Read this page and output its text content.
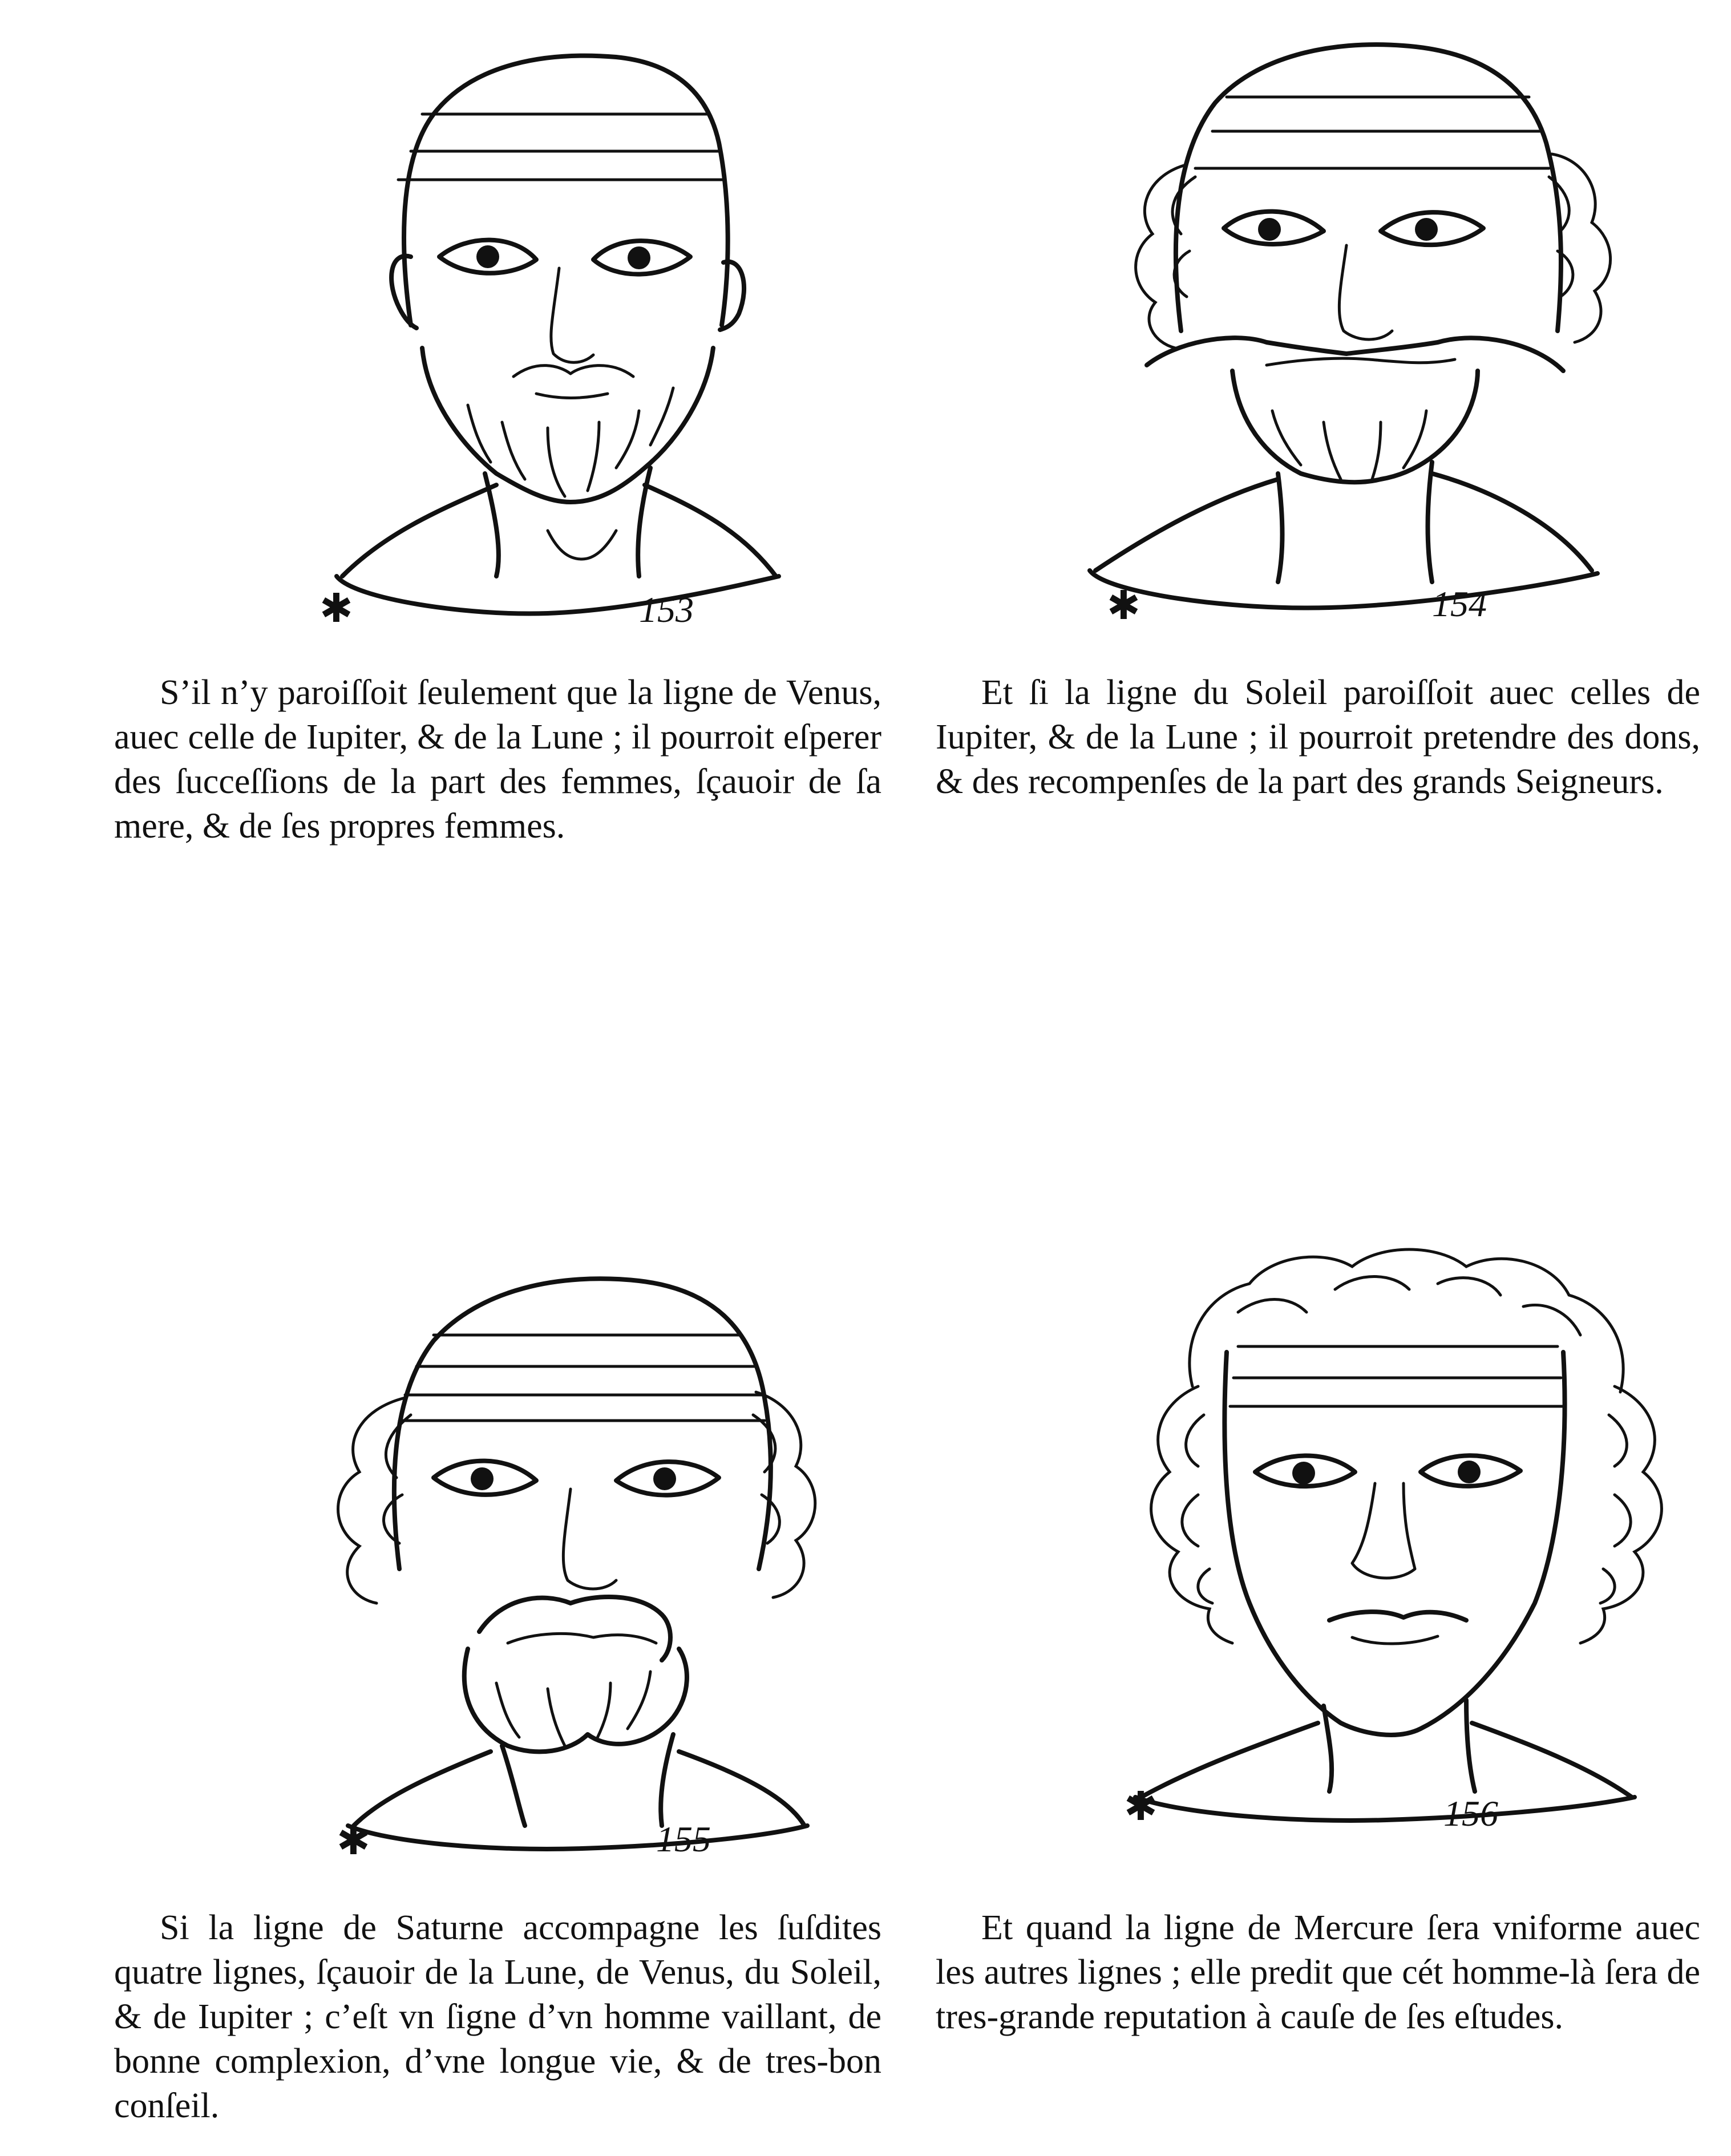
✱	153	✱	154

S’il n’y paroiſſoit ſeulement que la ligne de Venus, auec celle de Iupiter, & de la Lune ; il pourroit eſperer des ſucceſſions de la part des femmes, ſçauoir de ſa mere, & de ſes propres femmes.

Et ſi la ligne du Soleil paroiſſoit auec celles de Iupiter, & de la Lune ; il pourroit pretendre des dons, & des recompenſes de la part des grands Seigneurs.

✱	155
✱	156

Si la ligne de Saturne accompagne les ſuſdites quatre lignes, ſçauoir de la Lune, de Venus, du Soleil, & de Iupiter ; c’eſt vn ſigne d’vn homme vaillant, de bonne complexion, d’vne longue vie, & de tres-bon conſeil.

Et quand la ligne de Mercure ſera vniforme auec les autres lignes ; elle predit que cét homme-là ſera de tres-grande reputation à cauſe de ſes eſtudes.
